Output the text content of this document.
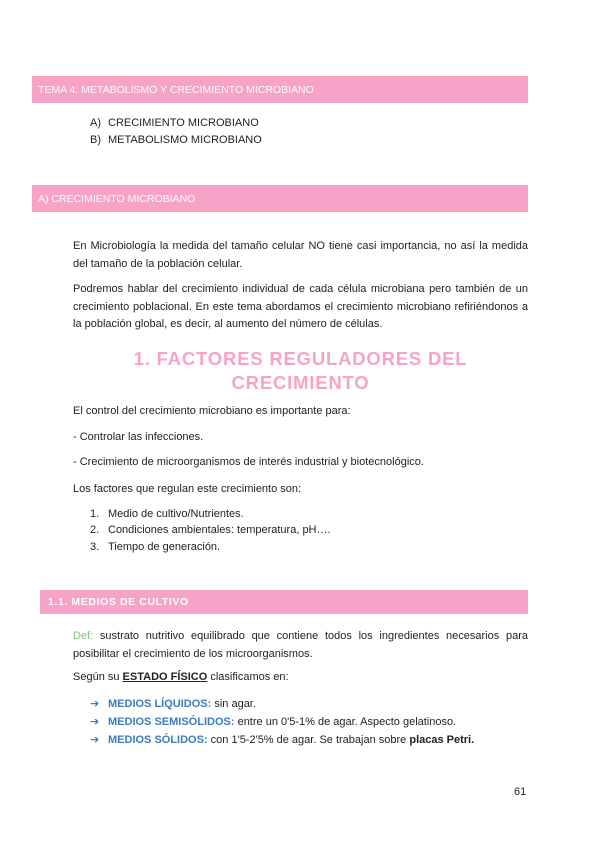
TEMA 4: METABOLISMO Y CRECIMIENTO MICROBIANO
A) CRECIMIENTO MICROBIANO
B) METABOLISMO MICROBIANO
A) CRECIMIENTO MICROBIANO
En Microbiología la medida del tamaño celular NO tiene casi importancia, no así la medida del tamaño de la población celular.
Podremos hablar del crecimiento individual de cada célula microbiana pero también de un crecimiento poblacional. En este tema abordamos el crecimiento microbiano refiriéndonos a la población global, es decir, al aumento del número de células.
1. FACTORES REGULADORES DEL CRECIMIENTO
El control del crecimiento microbiano es importante para:
- Controlar las infecciones.
- Crecimiento de microorganismos de interés industrial y biotecnológico.
Los factores que regulan este crecimiento son:
1. Medio de cultivo/Nutrientes.
2. Condiciones ambientales: temperatura, pH….
3. Tiempo de generación.
1.1. MEDIOS DE CULTIVO
Def: sustrato nutritivo equilibrado que contiene todos los ingredientes necesarios para posibilitar el crecimiento de los microorganismos.
Según su ESTADO FÍSICO clasificamos en:
➔ MEDIOS LÍQUIDOS: sin agar.
➔ MEDIOS SEMISÓLIDOS: entre un 0'5-1% de agar. Aspecto gelatinoso.
➔ MEDIOS SÓLIDOS: con 1'5-2'5% de agar. Se trabajan sobre placas Petri.
61
